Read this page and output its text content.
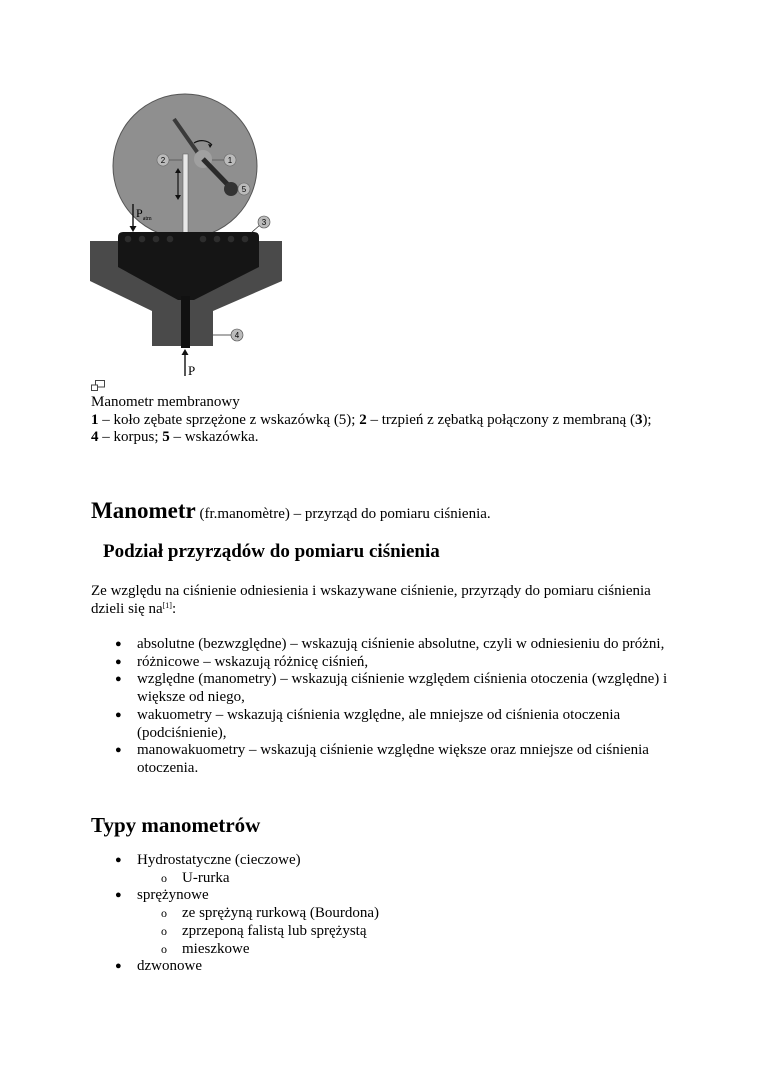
2	1
5
3
4
$P_{atm}$
P

Manometr membranowy

1 – koło zębate sprzężone z wskazówką (5); 2 – trzpień z zębatką połączony z membraną (3);

4 – korpus; 5 – wskazówka.

Manometr (fr.manomètre) – przyrząd do pomiaru ciśnienia.
Podział przyrządów do pomiaru ciśnienia

Ze względu na ciśnienie odniesienia i wskazywane ciśnienie, przyrządy do pomiaru ciśnienia dzieli się na[1]:

● absolutne (bezwzględne) – wskazują ciśnienie absolutne, czyli w odniesieniu do próżni,
● różnicowe – wskazują różnicę ciśnień,
● względne (manometry) – wskazują ciśnienie względem ciśnienia otoczenia (względne) i większe od niego,
● wakuometry – wskazują ciśnienia względne, ale mniejsze od ciśnienia otoczenia (podciśnienie),
● manowakuometry – wskazują ciśnienie względne większe oraz mniejsze od ciśnienia otoczenia.
Typy manometrów
● Hydrostatyczne (cieczowe)
o U-rurka
● sprężynowe
o ze sprężyną rurkową (Bourdona)
o zprzeponą falistą lub sprężystą
o mieszkowe
● dzwonowe
